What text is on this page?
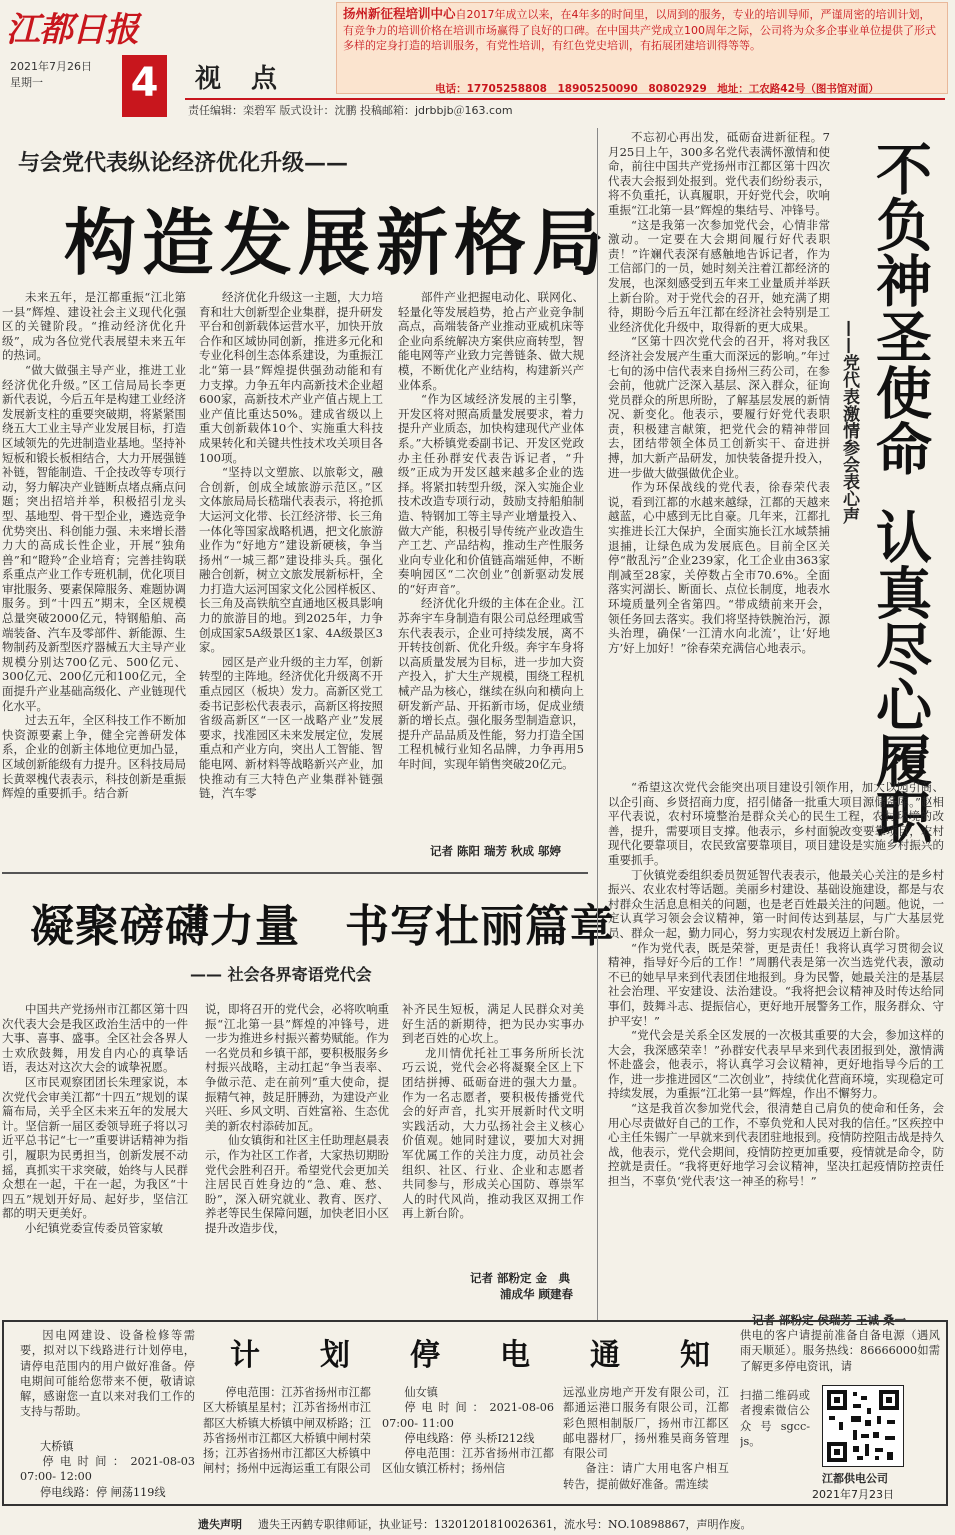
江都日报
2021年7月26日
星期一 4	视　点
责任编辑：栾碧军 版式设计：沈鹏 投稿邮箱：jdrbbjb＠163.com
扬州新征程培训中心自2017年成立以来，在4年多的时间里，以周到的服务，专业的培训导师，严谨周密的培训计划，有竞争力的培训价格在培训市场赢得了良好的口碑。在中国共产党成立100周年之际，公司将为众多企事业单位提供了形式多样的定身打造的培训服务，有党性培训，有红色党史培训，有拓展团建培训得等等。
电话：17705258808　18905250090　80802929　地址：工农路42号（图书馆对面）
与会党代表纵论经济优化升级——
构造发展新格局

未来五年，是江都重振“江北第一县”辉煌、建设社会主义现代化强区的关键阶段。“推动经济优化升级”，成为各位党代表展望未来五年的热词。

“做大做强主导产业，推进工业经济优化升级。”区工信局局长李更新代表说，今后五年是构建工业经济发展新支柱的重要突破期，将紧紧围绕五大工业主导产业发展目标，打造区域领先的先进制造业基地。坚持补短板和锻长板相结合，大力开展强链补链，智能制造、千企技改等专项行动，努力解决产业链断点堵点痛点问题；突出招培并举，积极招引龙头型、基地型、骨干型企业，遴选竞争优势突出、科创能力强、未来增长潜力大的高成长性企业，开展“独角兽”和“瞪羚”企业培育；完善挂钩联系重点产业工作专班机制，优化项目审批服务、要素保障服务、难题协调服务。到“十四五”期末，全区规模总量突破2000亿元，特钢船舶、高端装备、汽车及零部件、新能源、生物制药及新型医疗器械五大主导产业规模分别达700亿元、500亿元、300亿元、200亿元和100亿元，全面提升产业基础高级化、产业链现代化水平。

过去五年，全区科技工作不断加快资源要素上争，健全完善研发体系，企业的创新主体地位更加凸显，区域创新能级有力提升。区科技局局长黄翠槐代表表示，科技创新是重振辉煌的重要抓手。结合新

经济优化升级这一主题，大力培育和壮大创新型企业集群，提升研发平台和创新载体运营水平，加快开放合作和区域协同创新，推进多元化和专业化科创生态体系建设，为重振江北“第一县”辉煌提供强劲动能和有力支撑。力争五年内高新技术企业超600家，高新技术产业产值占规上工业产值比重达50%。建成省级以上重大创新载体10个、实施重大科技成果转化和关键共性技术攻关项目各100项。

“坚持以文塑旅、以旅彰文，融合创新，创成全域旅游示范区。”区文体旅局局长嵇瑞代表表示，将抢抓大运河文化带、长江经济带、长三角一体化等国家战略机遇，把文化旅游业作为“好地方”建设新硬核，争当扬州“一城三都”建设排头兵。强化融合创新，树立文旅发展新标杆，全力打造大运河国家文化公园样板区、长三角及高铁航空直通地区极具影响力的旅游目的地。到2025年，力争创成国家5A级景区1家、4A级景区3家。

园区是产业升级的主力军，创新转型的主阵地。经济优化升级离不开重点园区（板块）发力。高新区党工委书记彭松代表表示，高新区将按照省级高新区“一区一战略产业”发展要求，找准园区未来发展定位，发展重点和产业方向，突出人工智能、智能电网、新材料等战略新兴产业，加快推动有三大特色产业集群补链强链，汽车零

部件产业把握电动化、联网化、轻量化等发展趋势，抢占产业竞争制高点，高端装备产业推动亚威机床等企业向系统解决方案供应商转型，智能电网等产业致力完善链条、做大规模，不断优化产业结构，构建新兴产业体系。

“作为区域经济发展的主引擎，开发区将对照高质量发展要求，着力提升产业质态，加快构建现代产业体系。”大桥镇党委副书记、开发区党政办主任孙群安代表告诉记者，“升级”正成为开发区越来越多企业的选择。将紧扣转型升级，深入实施企业技术改造专项行动，鼓励支持船舶制造、特钢加工等主导产业增量投入、做大产能，积极引导传统产业改造生产工艺、产品结构，推动生产性服务业向专业化和价值链高端延伸，不断奏响园区“二次创业”创新驱动发展的“好声音”。

经济优化升级的主体在企业。江苏奔宇车身制造有限公司总经理戚雪东代表表示，企业可持续发展，离不开转技创新、优化升级。奔宇车身将以高质量发展为目标，进一步加大资产投入，扩大生产规模，围绕工程机械产品为核心，继续在纵向和横向上研发新产品、开拓新市场，促成业绩新的增长点。强化服务型制造意识，提升产品品质及性能，努力打造全国工程机械行业知名品牌，力争再用5年时间，实现年销售突破20亿元。

记者 陈阳 瑞芳 秋成 邬婷
凝聚磅礴力量　书写壮丽篇章
—— 社会各界寄语党代会

中国共产党扬州市江都区第十四次代表大会是我区政治生活中的一件大事、喜事、盛事。全区社会各界人士欢欣鼓舞，用发自内心的真挚话语，表达对这次大会的诚挚祝愿。

区市民观察团团长朱理家说，本次党代会审美江都“十四五”规划的谋篇布局，关乎全区未来五年的发展大计。坚信新一届区委领导班子将以习近平总书记“七一”重要讲话精神为指引，履职为民勇担当，创新发展不动摇，真抓实干求突破，始终与人民群众想在一起，干在一起，为我区“十四五”规划开好局、起好步，坚信江都的明天更美好。

小纪镇党委宣传委员管家敏

说，即将召开的党代会，必将吹响重振“江北第一县”辉煌的冲锋号，进一步为推进乡村振兴蓄势赋能。作为一名党员和乡镇干部，要积极服务乡村振兴战略，主动扛起“争当表率、争做示范、走在前列”重大使命，提振精气神，鼓足肝膊劲，为建设产业兴旺、乡风文明、百姓富裕、生态优美的新农村添砖加瓦。

仙女镇街和社区主任助理赵晨表示，作为社区工作者，大家热切期盼党代会胜利召开。希望党代会更加关注居民百姓身边的“急、难、愁、盼”，深入研究就业、教育、医疗、养老等民生保障问题，加快老旧小区提升改造步伐，

补齐民生短板，满足人民群众对美好生活的新期待，把为民办实事办到老百姓的心坎上。

龙川情优托社工事务所所长沈巧云说，党代会必将凝聚全区上下团结拼搏、砥砺奋进的强大力量。作为一名志愿者，要积极传播党代会的好声音，扎实开展新时代文明实践活动，大力弘扬社会主义核心价值观。她同时建议，要加大对拥军优属工作的关注力度，动员社会组织、社区、行业、企业和志愿者共同参与，形成关心国防、尊崇军人的时代风尚，推动我区双拥工作再上新台阶。

记者 部粉定 金　典
浦成华 顾建春
不负神圣使命
认真尽心履职
——党代表激情参会表心声

不忘初心再出发，砥砺奋进新征程。7月25日上午，300多名党代表满怀激情和使命，前往中国共产党扬州市江都区第十四次代表大会报到处报到。党代表们纷纷表示，将不负重托，认真履职，开好党代会，吹响重振“江北第一县”辉煌的集结号、冲锋号。

“这是我第一次参加党代会，心情非常激动。一定要在大会期间履行好代表职责！”许斓代表深有感触地告诉记者，作为工信部门的一员，她时刻关注着江都经济的发展，也深刻感受到五年来工业量质并举跃上新台阶。对于党代会的召开，她充满了期待，期盼今后五年江都在经济社会特别是工业经济优化升级中，取得新的更大成果。

“区第十四次党代会的召开，将对我区经济社会发展产生重大而深远的影响。”年过七旬的汤中信代表来自扬州三药公司，在参会前，他就广泛深入基层、深入群众，征询党员群众的所思所盼，了解基层发展的新情况、新变化。他表示，要履行好党代表职责，积极建言献策，把党代会的精神带回去，团结带领全体员工创新实干、奋进拼搏，加大新产品研发，加快装备提升投入，进一步做大做强做优企业。

作为环保战线的党代表，徐春荣代表说，看到江都的水越来越绿，江都的天越来越蓝，心中感到无比自豪。几年来，江都扎实推进长江大保护，全面实施长江水域禁捕退捕，让绿色成为发展底色。目前全区关停“散乱污”企业239家，化工企业由363家削减至28家，关停数占全市70.6%。全面落实河湖长、断面长、点位长制度，地表水环境质量列全省第四。“带成绩前来开会，领任务回去落实。我们将坚持铁腕治污，源头治理，确保‘一江清水向北流’，让‘好地方’好上加好！”徐春荣充满信心地表示。

“希望这次党代会能突出项目建设引领作用，加大以园引商、以企引商、乡贤招商力度，招引储备一批重大项目源储备库。”赵相平代表说，农村环境整治是群众关心的民生工程，农村环境的改善，提升，需要项目支撑。他表示，乡村面貌改变要靠项目，农村现代化要靠项目，农民致富要靠项目，项目建设是实施乡村振兴的重要抓手。

丁伙镇党委组织委员贺延智代表表示，他最关心关注的是乡村振兴、农业农村等话题。美丽乡村建设、基础设施建设，都是与农村群众生活息息相关的问题，也是老百姓最关注的问题。他说，一定认真学习领会会议精神，第一时间传达到基层，与广大基层党员、群众一起，勤力同心，努力实现农村发展迈上新台阶。

“作为党代表，既是荣誉，更是责任！我将认真学习贯彻会议精神，指导好今后的工作！”周鹏代表是第一次当选党代表，激动不已的她早早来到代表团住地报到。身为民警，她最关注的是基层社会治理、平安建设、法治建设。“我将把会议精神及时传达给同事们，鼓舞斗志、提振信心，更好地开展警务工作，服务群众、守护平安！”

“党代会是关系全区发展的一次极其重要的大会，参加这样的大会，我深感荣幸！”孙群安代表早早来到代表团报到处，激情满怀赴盛会，他表示，将认真学习会议精神，更好地指导今后的工作，进一步推进园区“二次创业”，持续优化营商环境，实现稳定可持续发展，为重振“江北第一县”辉煌，作出不懈努力。

“这是我首次参加党代会，很清楚自己肩负的使命和任务，会用心尽责做好自己的工作，不辜负党和人民对我的信任。”区疾控中心主任朱锡广一早就来到代表团驻地报到。疫情防控阻击战是持久战，他表示，党代会期间，疫情防控更加重要，疫情就是命令，防控就是责任。“我将更好地学习会议精神，坚决扛起疫情防控责任担当，不辜负‘党代表’这一神圣的称号！”

记者 部粉定 侯瑞芳 王诚 桑一
计　　划　　停　　电　　通　　知

因电网建设、设备检修等需要，拟对以下线路进行计划停电，请停电范围内的用户做好准备。停电期间可能给您带来不便，敬请谅解，感谢您一直以来对我们工作的支持与帮助。

大桥镇

停电时间：2021-08-03 07:00- 12:00

停电线路：停 闸荡119线

停电范围：江苏省扬州市江都区大桥镇星星村；江苏省扬州市江都区大桥镇大桥镇中闸双桥路；江苏省扬州市江都区大桥镇中闸村荣扬；江苏省扬州市江都区大桥镇中闸村；扬州中远海运重工有限公司

仙女镇

停电时间：2021-08-06 07:00- 11:00

停电线路：停 头桥Ⅰ212线

停电范围：江苏省扬州市江都区仙女镇江桥村；扬州信

远泓业房地产开发有限公司，江都通运港口服务有限公司，江都彩色照相制版厂，扬州市江都区邮电器材厂，扬州雅昊商务管理有限公司

备注：请广大用电客户相互转告，提前做好准备。需连续

供电的客户请提前准备自备电源（遇风雨天顺延）。服务热线：86666000如需了解更多停电资讯，请

扫描二维码或者搜索微信公众号sgcc-js。

江都供电公司
2021年7月23日
遗失声明 遗失王丙鹤专职律师证，执业证号：13201201810026361，流水号：NO.10898867，声明作废。
